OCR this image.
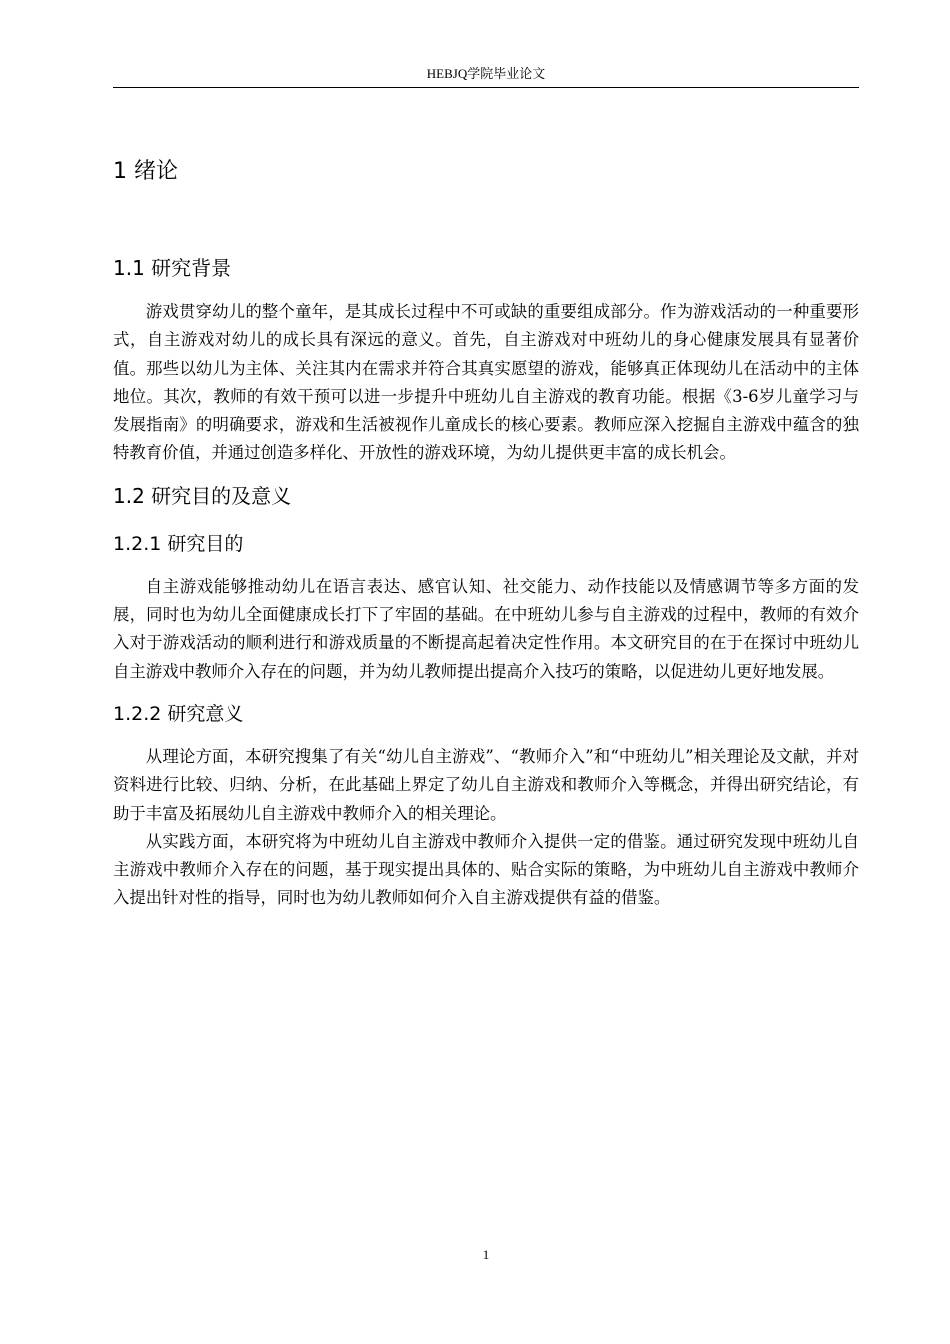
HEBJQ学院毕业论文
1 绪论
1.1 研究背景

游戏贯穿幼儿的整个童年，是其成长过程中不可或缺的重要组成部分。作为游戏活动的一种重要形式，自主游戏对幼儿的成长具有深远的意义。首先，自主游戏对中班幼儿的身心健康发展具有显著价值。那些以幼儿为主体、关注其内在需求并符合其真实愿望的游戏，能够真正体现幼儿在活动中的主体地位。其次，教师的有效干预可以进一步提升中班幼儿自主游戏的教育功能。根据《3-6岁儿童学习与发展指南》的明确要求，游戏和生活被视作儿童成长的核心要素。教师应深入挖掘自主游戏中蕴含的独特教育价值，并通过创造多样化、开放性的游戏环境，为幼儿提供更丰富的成长机会。

1.2 研究目的及意义
1.2.1 研究目的

自主游戏能够推动幼儿在语言表达、感官认知、社交能力、动作技能以及情感调节等多方面的发展，同时也为幼儿全面健康成长打下了牢固的基础。在中班幼儿参与自主游戏的过程中，教师的有效介入对于游戏活动的顺利进行和游戏质量的不断提高起着决定性作用。本文研究目的在于在探讨中班幼儿自主游戏中教师介入存在的问题，并为幼儿教师提出提高介入技巧的策略，以促进幼儿更好地发展。

1.2.2 研究意义

从理论方面，本研究搜集了有关“幼儿自主游戏”、“教师介入”和“中班幼儿”相关理论及文献，并对资料进行比较、归纳、分析，在此基础上界定了幼儿自主游戏和教师介入等概念，并得出研究结论，有助于丰富及拓展幼儿自主游戏中教师介入的相关理论。

从实践方面，本研究将为中班幼儿自主游戏中教师介入提供一定的借鉴。通过研究发现中班幼儿自主游戏中教师介入存在的问题，基于现实提出具体的、贴合实际的策略，为中班幼儿自主游戏中教师介入提出针对性的指导，同时也为幼儿教师如何介入自主游戏提供有益的借鉴。

1
